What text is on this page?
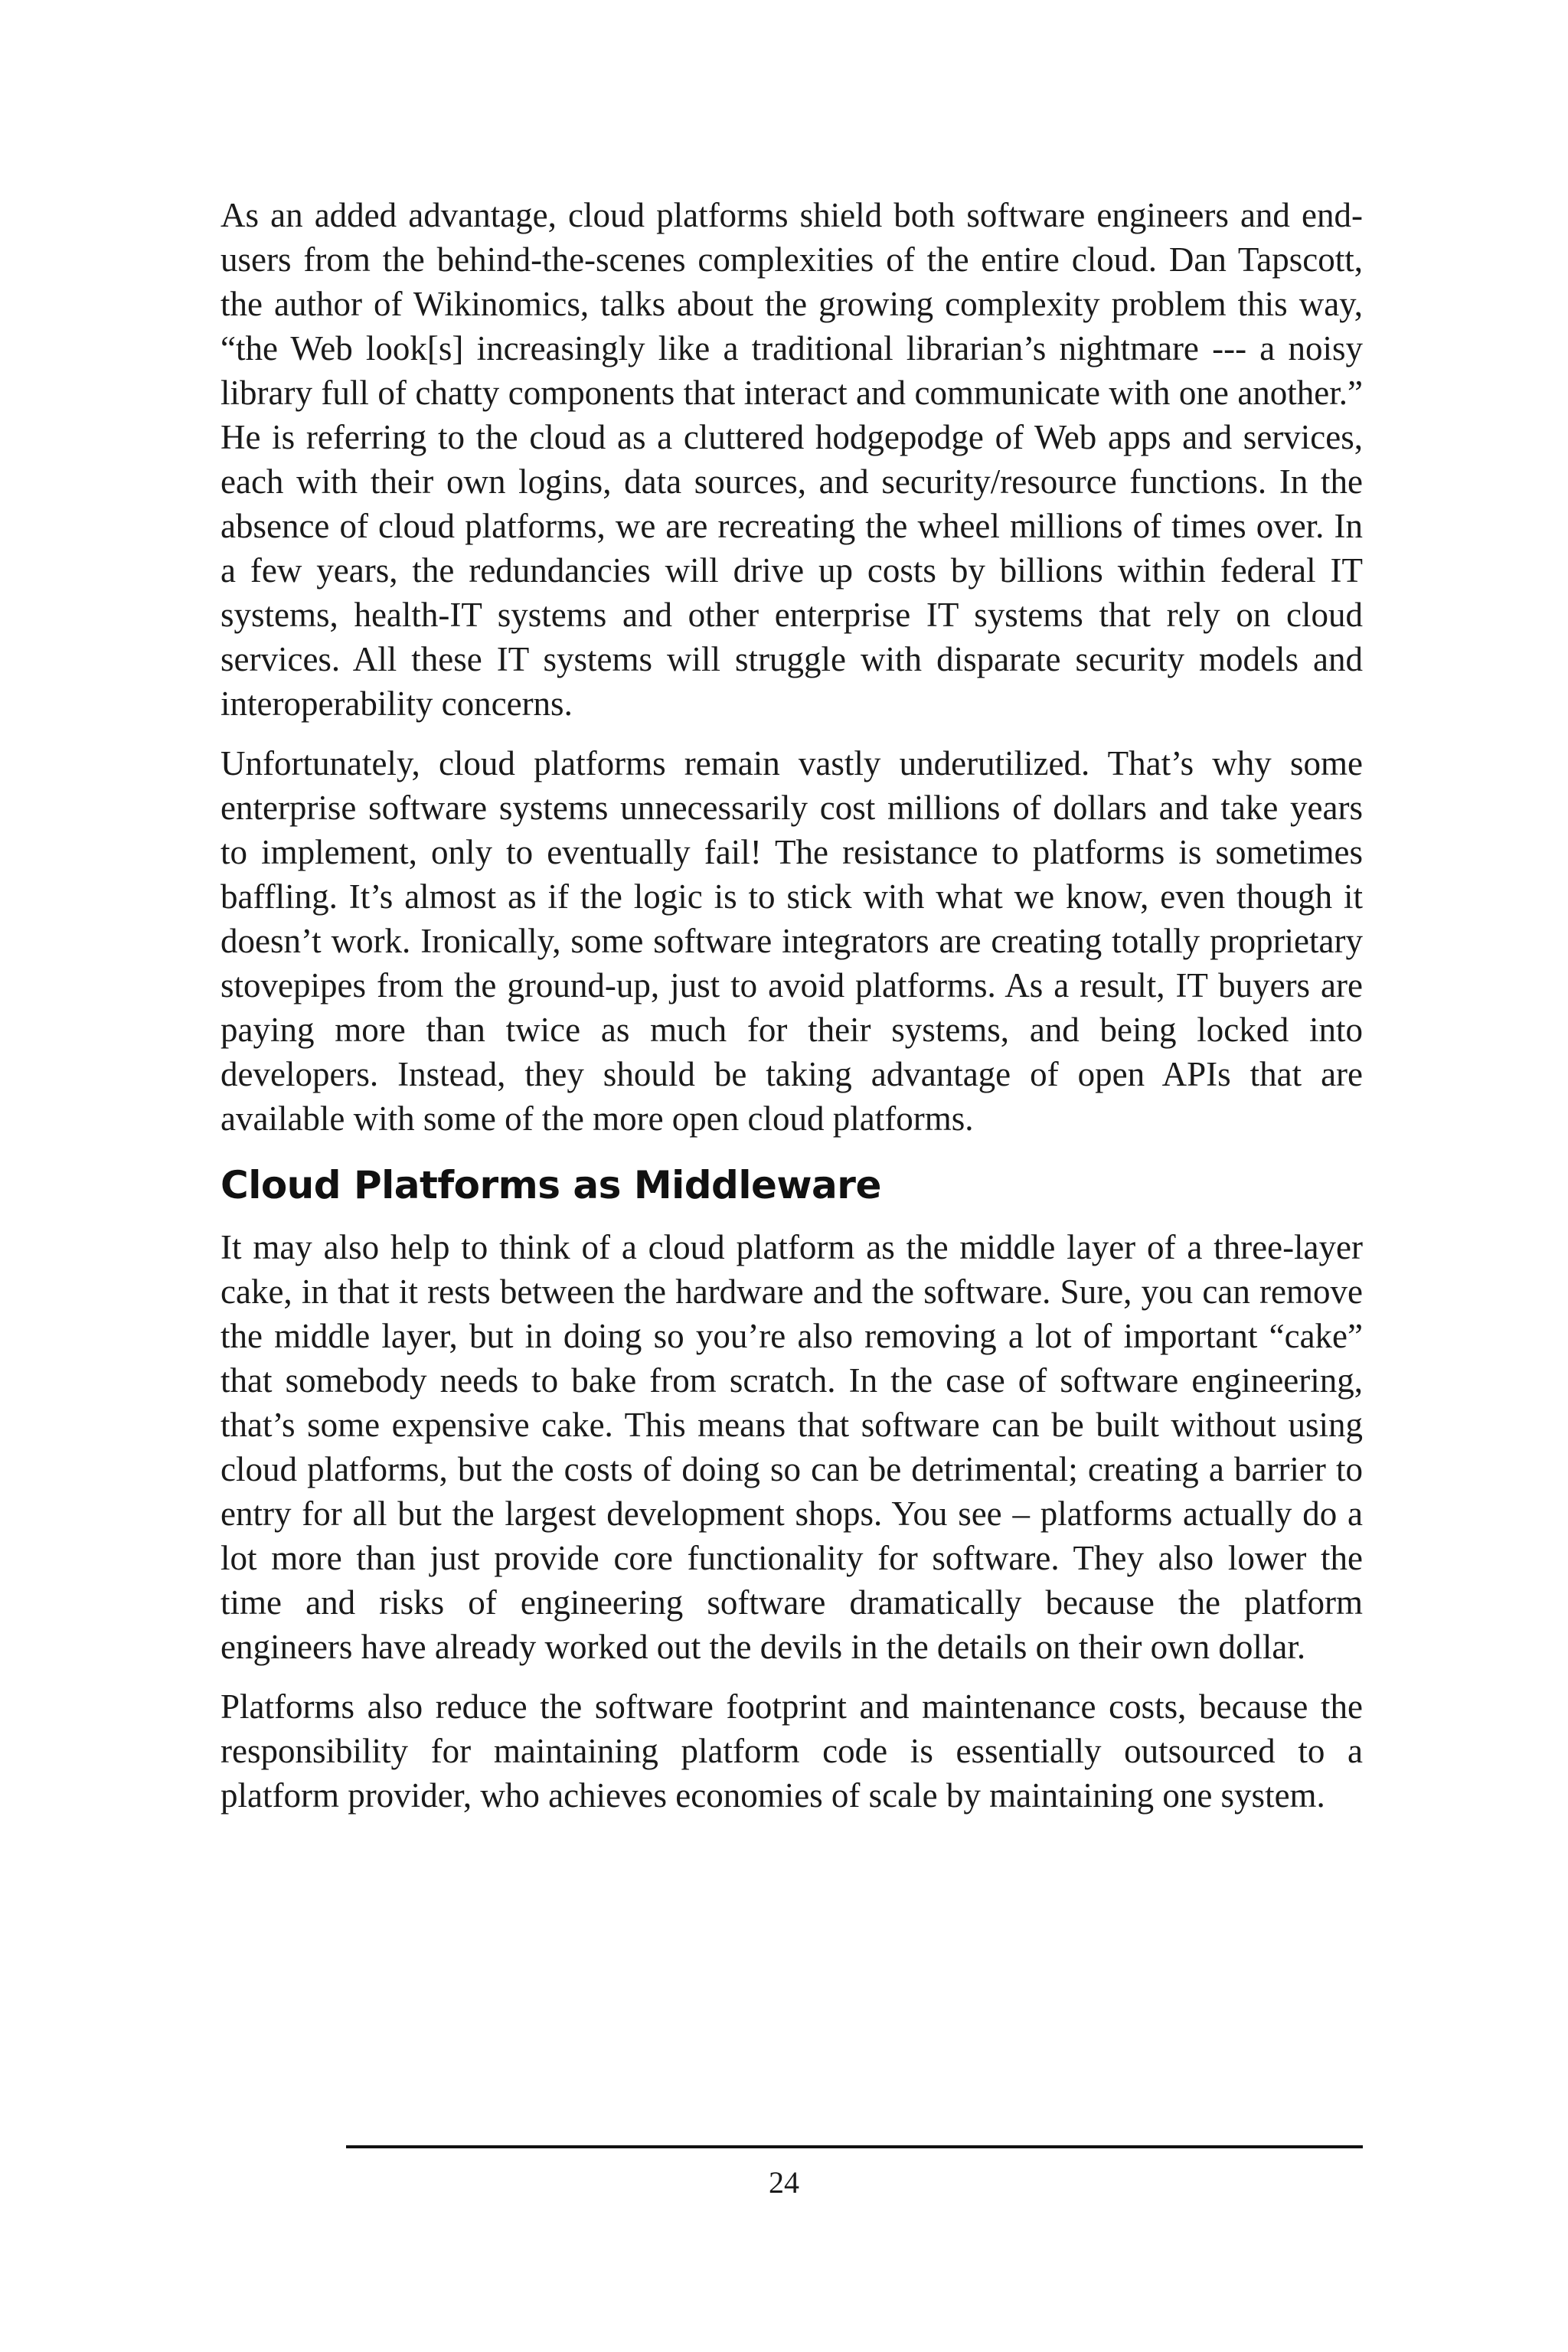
As an added advantage, cloud platforms shield both software engineers and end-users from the behind-the-scenes complexities of the entire cloud. Dan Tapscott, the author of Wikinomics, talks about the growing complexity problem this way, “the Web look[s] increasingly like a traditional librarian’s nightmare --- a noisy library full of chatty components that interact and communicate with one another.” He is referring to the cloud as a cluttered hodgepodge of Web apps and services, each with their own logins, data sources, and security/resource functions. In the absence of cloud platforms, we are recreating the wheel millions of times over. In a few years, the redundancies will drive up costs by billions within federal IT systems, health-IT systems and other enterprise IT systems that rely on cloud services. All these IT systems will struggle with disparate security models and interoperability concerns.

Unfortunately, cloud platforms remain vastly underutilized. That’s why some enterprise software systems unnecessarily cost millions of dollars and take years to implement, only to eventually fail! The resistance to platforms is sometimes baffling. It’s almost as if the logic is to stick with what we know, even though it doesn’t work. Ironically, some software integrators are creating totally proprietary stovepipes from the ground-up, just to avoid platforms. As a result, IT buyers are paying more than twice as much for their systems, and being locked into developers. Instead, they should be taking advantage of open APIs that are available with some of the more open cloud platforms.

Cloud Platforms as Middleware

It may also help to think of a cloud platform as the middle layer of a three-layer cake, in that it rests between the hardware and the software. Sure, you can remove the middle layer, but in doing so you’re also removing a lot of important “cake” that somebody needs to bake from scratch. In the case of software engineering, that’s some expensive cake. This means that software can be built without using cloud platforms, but the costs of doing so can be detrimental; creating a barrier to entry for all but the largest development shops. You see – platforms actually do a lot more than just provide core functionality for software. They also lower the time and risks of engineering software dramatically because the platform engineers have already worked out the devils in the details on their own dollar.

Platforms also reduce the software footprint and maintenance costs, because the responsibility for maintaining platform code is essentially outsourced to a platform provider, who achieves economies of scale by maintaining one system.

24
